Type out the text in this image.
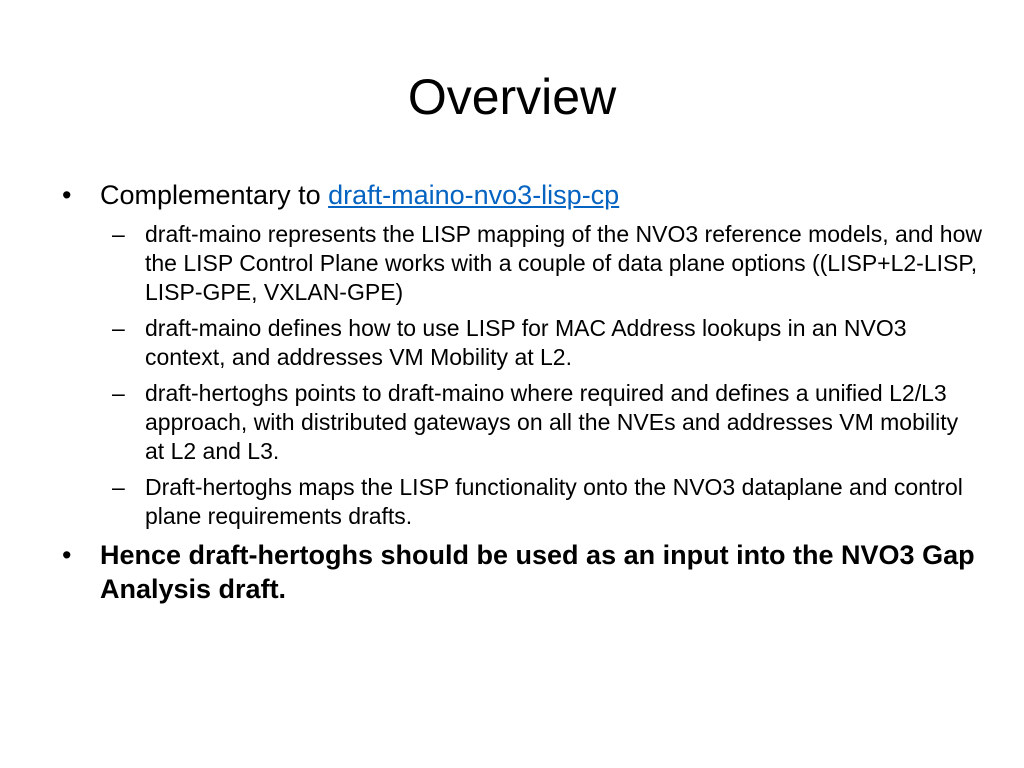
Overview
•	Complementary to draft-maino-nvo3-lisp-cp
– draft-maino represents the LISP mapping of the NVO3 reference models, and how the LISP Control Plane works with a couple of data plane options ((LISP+L2-LISP, LISP-GPE, VXLAN-GPE)
– draft-maino defines how to use LISP for MAC Address lookups in an NVO3 context, and addresses VM Mobility at L2.
– draft-hertoghs points to draft-maino where required and defines a unified L2/L3 approach, with distributed gateways on all the NVEs and addresses VM mobility at L2 and L3.
– Draft-hertoghs maps the LISP functionality onto the NVO3 dataplane and control plane requirements drafts.
•	Hence draft-hertoghs should be used as an input into the NVO3 Gap Analysis draft.
